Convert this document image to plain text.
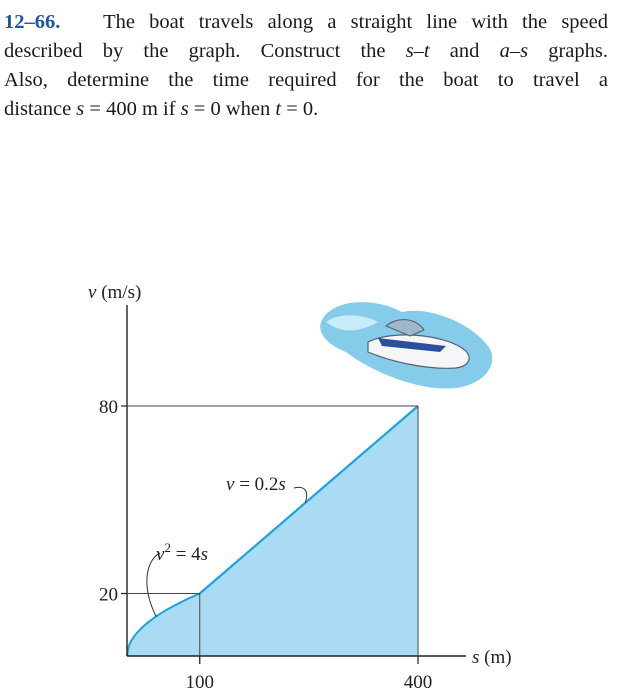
12–66. The boat travels along a straight line with the speed
described by the graph. Construct the s–t and a–s graphs.
Also, determine the time required for the boat to travel a
distance s = 400 m if s = 0 when t = 0.
80
20
100	400
v (m/s)
s (m)
$v^2 = 4s$
v = 0.2s
